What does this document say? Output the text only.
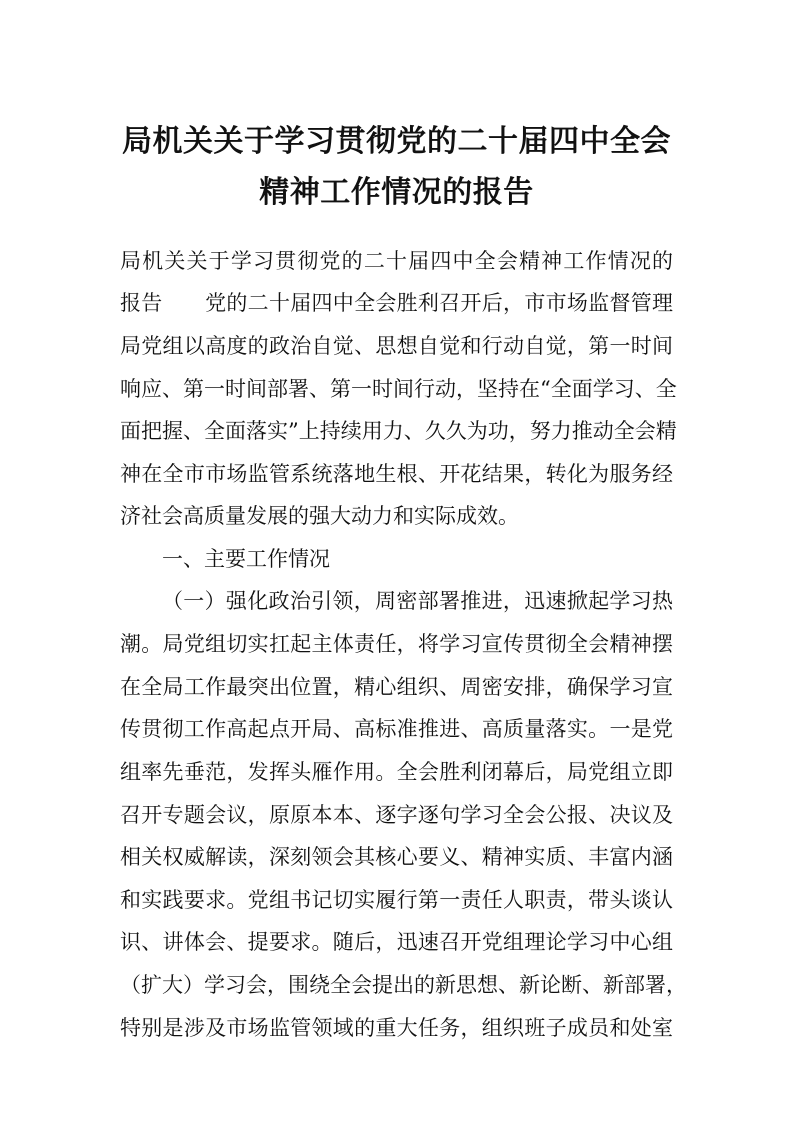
局机关关于学习贯彻党的二十届四中全会
精神工作情况的报告
局机关关于学习贯彻党的二十届四中全会精神工作情况的
报告　　党的二十届四中全会胜利召开后，市市场监督管理
局党组以高度的政治自觉、思想自觉和行动自觉，第一时间
响应、第一时间部署、第一时间行动，坚持在“全面学习、全
面把握、全面落实”上持续用力、久久为功，努力推动全会精
神在全市市场监管系统落地生根、开花结果，转化为服务经
济社会高质量发展的强大动力和实际成效。
一、主要工作情况
（一）强化政治引领，周密部署推进，迅速掀起学习热
潮。局党组切实扛起主体责任，将学习宣传贯彻全会精神摆
在全局工作最突出位置，精心组织、周密安排，确保学习宣
传贯彻工作高起点开局、高标准推进、高质量落实。一是党
组率先垂范，发挥头雁作用。全会胜利闭幕后，局党组立即
召开专题会议，原原本本、逐字逐句学习全会公报、决议及
相关权威解读，深刻领会其核心要义、精神实质、丰富内涵
和实践要求。党组书记切实履行第一责任人职责，带头谈认
识、讲体会、提要求。随后，迅速召开党组理论学习中心组
（扩大）学习会，围绕全会提出的新思想、新论断、新部署，
特别是涉及市场监管领域的重大任务，组织班子成员和处室
